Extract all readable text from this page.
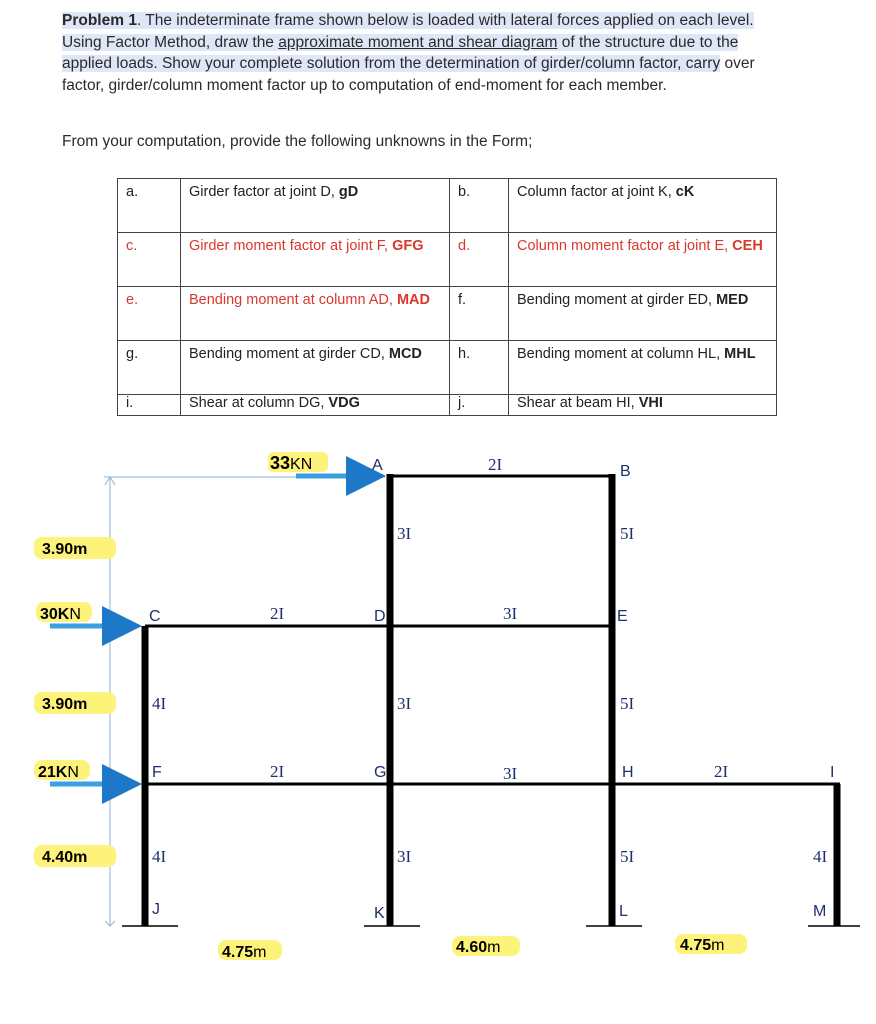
Problem 1. The indeterminate frame shown below is loaded with lateral forces applied on each level.
Using Factor Method, draw the approximate moment and shear diagram of the structure due to the
applied loads. Show your complete solution from the determination of girder/column factor, carry over
factor, girder/column moment factor up to computation of end-moment for each member.
From your computation, provide the following unknowns in the Form;
a.	Girder factor at joint D, gD	b.	Column factor at joint K, cK
c.	Girder moment factor at joint F, GFG	d.	Column moment factor at joint E, CEH
e.	Bending moment at column AD, MAD	f.	Bending moment at girder ED, MED
g.	Bending moment at girder CD, MCD	h.	Bending moment at column HL, MHL
i.	Shear at column DG, VDG	j.	Shear at beam HI, VHI
33KN
30KN
21KN
3.90m
3.90m
4.40m
4.75m	4.60m	4.75m
A	B
C	D	E
F	G	H	I
J	K	L	M
2I
3I	5I
2I	3I
4I	3I	5I
2I	3I	2I
4I	3I	5I	4I
